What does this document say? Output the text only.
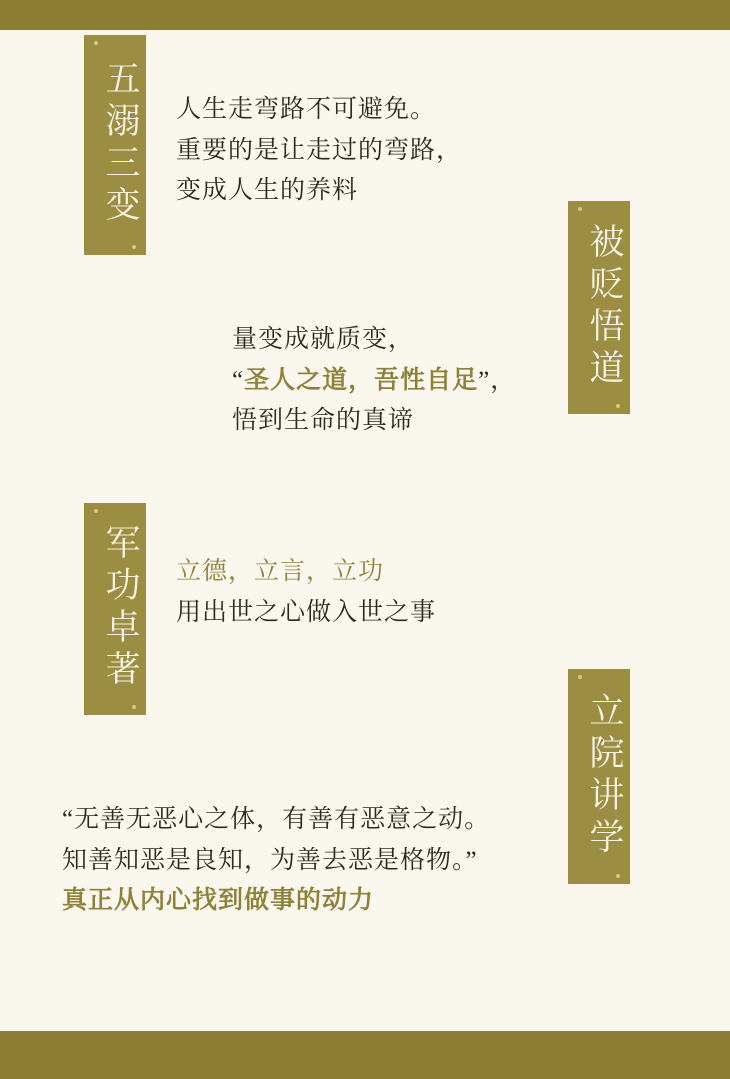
五溺三变 人生走弯路不可避免。
重要的是让走过的弯路，
变成人生的养料
被贬悟道
量变成就质变，
“圣人之道，吾性自足”，
悟到生命的真谛
军功卓著 立德，立言，立功
用出世之心做入世之事
立院讲学
“无善无恶心之体，有善有恶意之动。
知善知恶是良知，为善去恶是格物。”
真正从内心找到做事的动力
